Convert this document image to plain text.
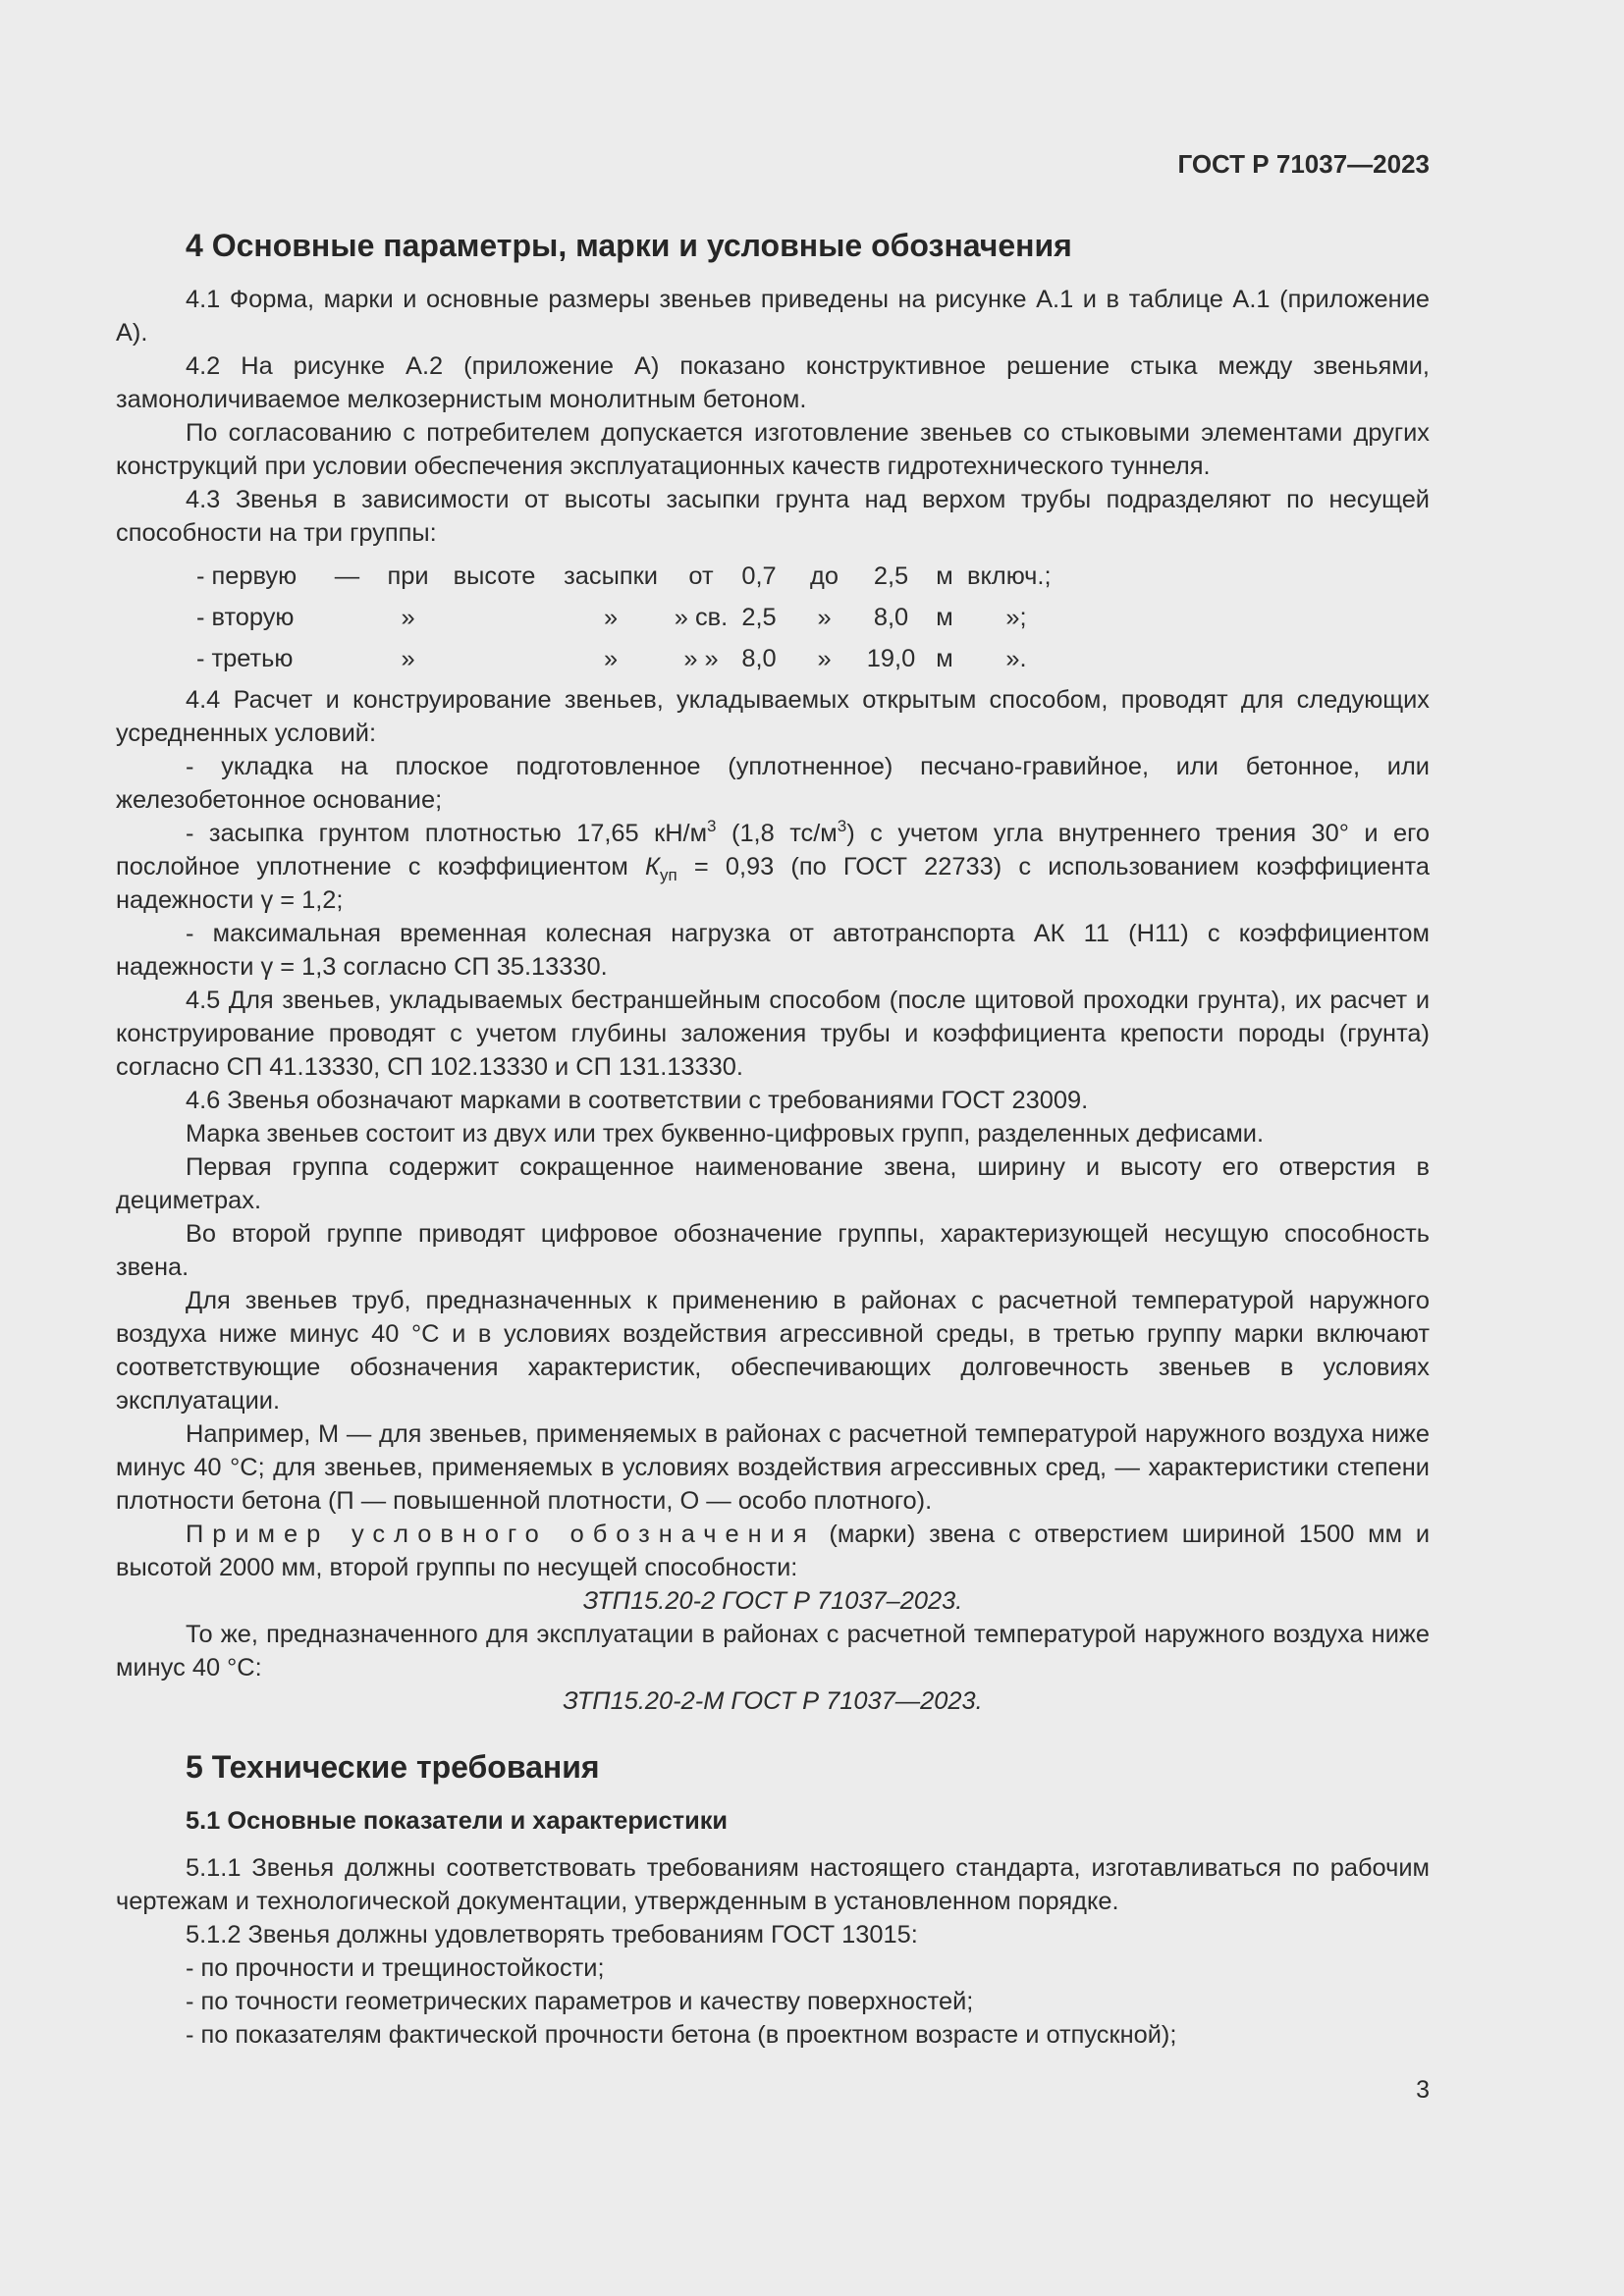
ГОСТ Р 71037—2023
4 Основные параметры, марки и условные обозначения

4.1 Форма, марки и основные размеры звеньев приведены на рисунке А.1 и в таблице А.1 (приложение А).

4.2 На рисунке А.2 (приложение А) показано конструктивное решение стыка между звеньями, замоноличиваемое мелкозернистым монолитным бетоном.

По согласованию с потребителем допускается изготовление звеньев со стыковыми элементами других конструкций при условии обеспечения эксплуатационных качеств гидротехнического туннеля.

4.3 Звенья в зависимости от высоты засыпки грунта над верхом трубы подразделяют по несущей способности на три группы:

- первую	—	при	высоте	засыпки	от	0,7	до	2,5	м	включ.;
- вторую		»		»	» св.	2,5	»	8,0	м	»;
- третью		»		»	» »	8,0	»	19,0	м	».

4.4 Расчет и конструирование звеньев, укладываемых открытым способом, проводят для следующих усредненных условий:

- укладка на плоское подготовленное (уплотненное) песчано-гравийное, или бетонное, или железобетонное основание;

- засыпка грунтом плотностью 17,65 $кН/м^3$ (1,8 $тс/м^3$) с учетом угла внутреннего трения 30° и его послойное уплотнение с коэффициентом $К_{уп} = 0,93$ (по ГОСТ 22733) с использованием коэффициента надежности γ = 1,2;

- максимальная временная колесная нагрузка от автотранспорта АК 11 (Н11) с коэффициентом надежности γ = 1,3 согласно СП 35.13330.

4.5 Для звеньев, укладываемых бестраншейным способом (после щитовой проходки грунта), их расчет и конструирование проводят с учетом глубины заложения трубы и коэффициента крепости породы (грунта) согласно СП 41.13330, СП 102.13330 и СП 131.13330.

4.6 Звенья обозначают марками в соответствии с требованиями ГОСТ 23009.

Марка звеньев состоит из двух или трех буквенно-цифровых групп, разделенных дефисами.

Первая группа содержит сокращенное наименование звена, ширину и высоту его отверстия в дециметрах.

Во второй группе приводят цифровое обозначение группы, характеризующей несущую способность звена.

Для звеньев труб, предназначенных к применению в районах с расчетной температурой наружного воздуха ниже минус 40 °С и в условиях воздействия агрессивной среды, в третью группу марки включают соответствующие обозначения характеристик, обеспечивающих долговечность звеньев в условиях эксплуатации.

Например, М — для звеньев, применяемых в районах с расчетной температурой наружного воздуха ниже минус 40 °С; для звеньев, применяемых в условиях воздействия агрессивных сред, — характеристики степени плотности бетона (П — повышенной плотности, О — особо плотного).

Пример условного обозначения (марки) звена с отверстием шириной 1500 мм и высотой 2000 мм, второй группы по несущей способности:

ЗТП15.20-2 ГОСТ Р 71037–2023.

То же, предназначенного для эксплуатации в районах с расчетной температурой наружного воздуха ниже минус 40 °С:

ЗТП15.20-2-М ГОСТ Р 71037—2023.

5 Технические требования
5.1 Основные показатели и характеристики

5.1.1 Звенья должны соответствовать требованиям настоящего стандарта, изготавливаться по рабочим чертежам и технологической документации, утвержденным в установленном порядке.

5.1.2 Звенья должны удовлетворять требованиям ГОСТ 13015:

- по прочности и трещиностойкости;

- по точности геометрических параметров и качеству поверхностей;

- по показателям фактической прочности бетона (в проектном возрасте и отпускной);

3
